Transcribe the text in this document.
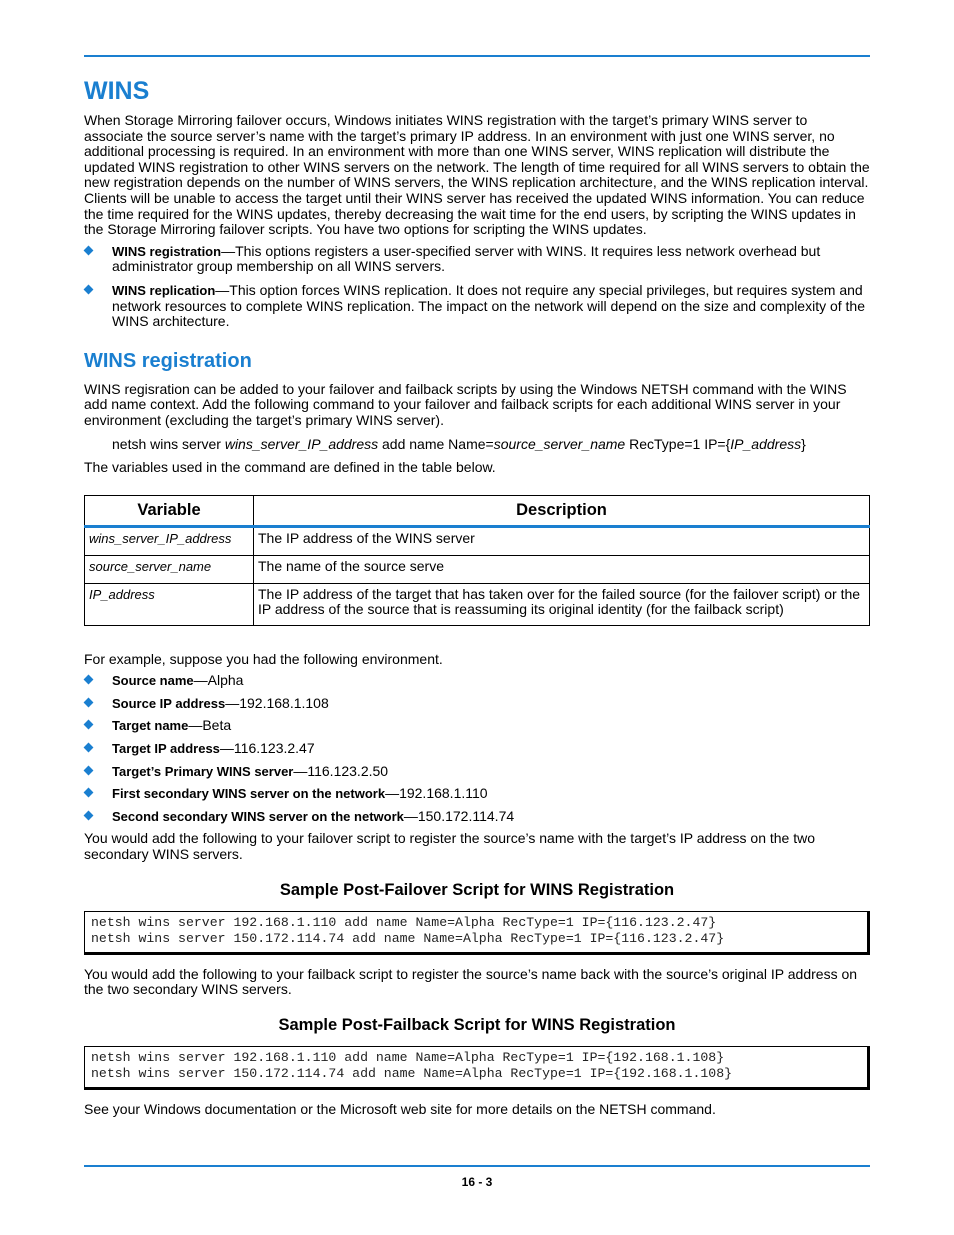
WINS

When Storage Mirroring failover occurs, Windows initiates WINS registration with the target’s primary WINS server to associate the source server’s name with the target’s primary IP address. In an environment with just one WINS server, no additional processing is required. In an environment with more than one WINS server, WINS replication will distribute the updated WINS registration to other WINS servers on the network. The length of time required for all WINS servers to obtain the new registration depends on the number of WINS servers, the WINS replication architecture, and the WINS replication interval. Clients will be unable to access the target until their WINS server has received the updated WINS information. You can reduce the time required for the WINS updates, thereby decreasing the wait time for the end users, by scripting the WINS updates in the Storage Mirroring failover scripts. You have two options for scripting the WINS updates.

WINS registration—This options registers a user-specified server with WINS. It requires less network overhead but administrator group membership on all WINS servers.
WINS replication—This option forces WINS replication. It does not require any special privileges, but requires system and network resources to complete WINS replication. The impact on the network will depend on the size and complexity of the WINS architecture.
WINS registration

WINS regisration can be added to your failover and failback scripts by using the Windows NETSH command with the WINS add name context. Add the following command to your failover and failback scripts for each additional WINS server in your environment (excluding the target’s primary WINS server).

netsh wins server wins_server_IP_address add name Name=source_server_name RecType=1 IP={IP_address}

The variables used in the command are defined in the table below.

Variable	Description
wins_server_IP_address	The IP address of the WINS server
source_server_name	The name of the source serve
IP_address	The IP address of the target that has taken over for the failed source (for the failover script) or the IP address of the source that is reassuming its original identity (for the failback script)

For example, suppose you had the following environment.

Source name—Alpha
Source IP address—192.168.1.108
Target name—Beta
Target IP address—116.123.2.47
Target’s Primary WINS server—116.123.2.50
First secondary WINS server on the network—192.168.1.110
Second secondary WINS server on the network—150.172.114.74

You would add the following to your failover script to register the source’s name with the target’s IP address on the two secondary WINS servers.

Sample Post-Failover Script for WINS Registration
netsh wins server 192.168.1.110 add name Name=Alpha RecType=1 IP={116.123.2.47}
netsh wins server 150.172.114.74 add name Name=Alpha RecType=1 IP={116.123.2.47}

You would add the following to your failback script to register the source’s name back with the source’s original IP address on the two secondary WINS servers.

Sample Post-Failback Script for WINS Registration
netsh wins server 192.168.1.110 add name Name=Alpha RecType=1 IP={192.168.1.108}
netsh wins server 150.172.114.74 add name Name=Alpha RecType=1 IP={192.168.1.108}

See your Windows documentation or the Microsoft web site for more details on the NETSH command.

16 - 3
